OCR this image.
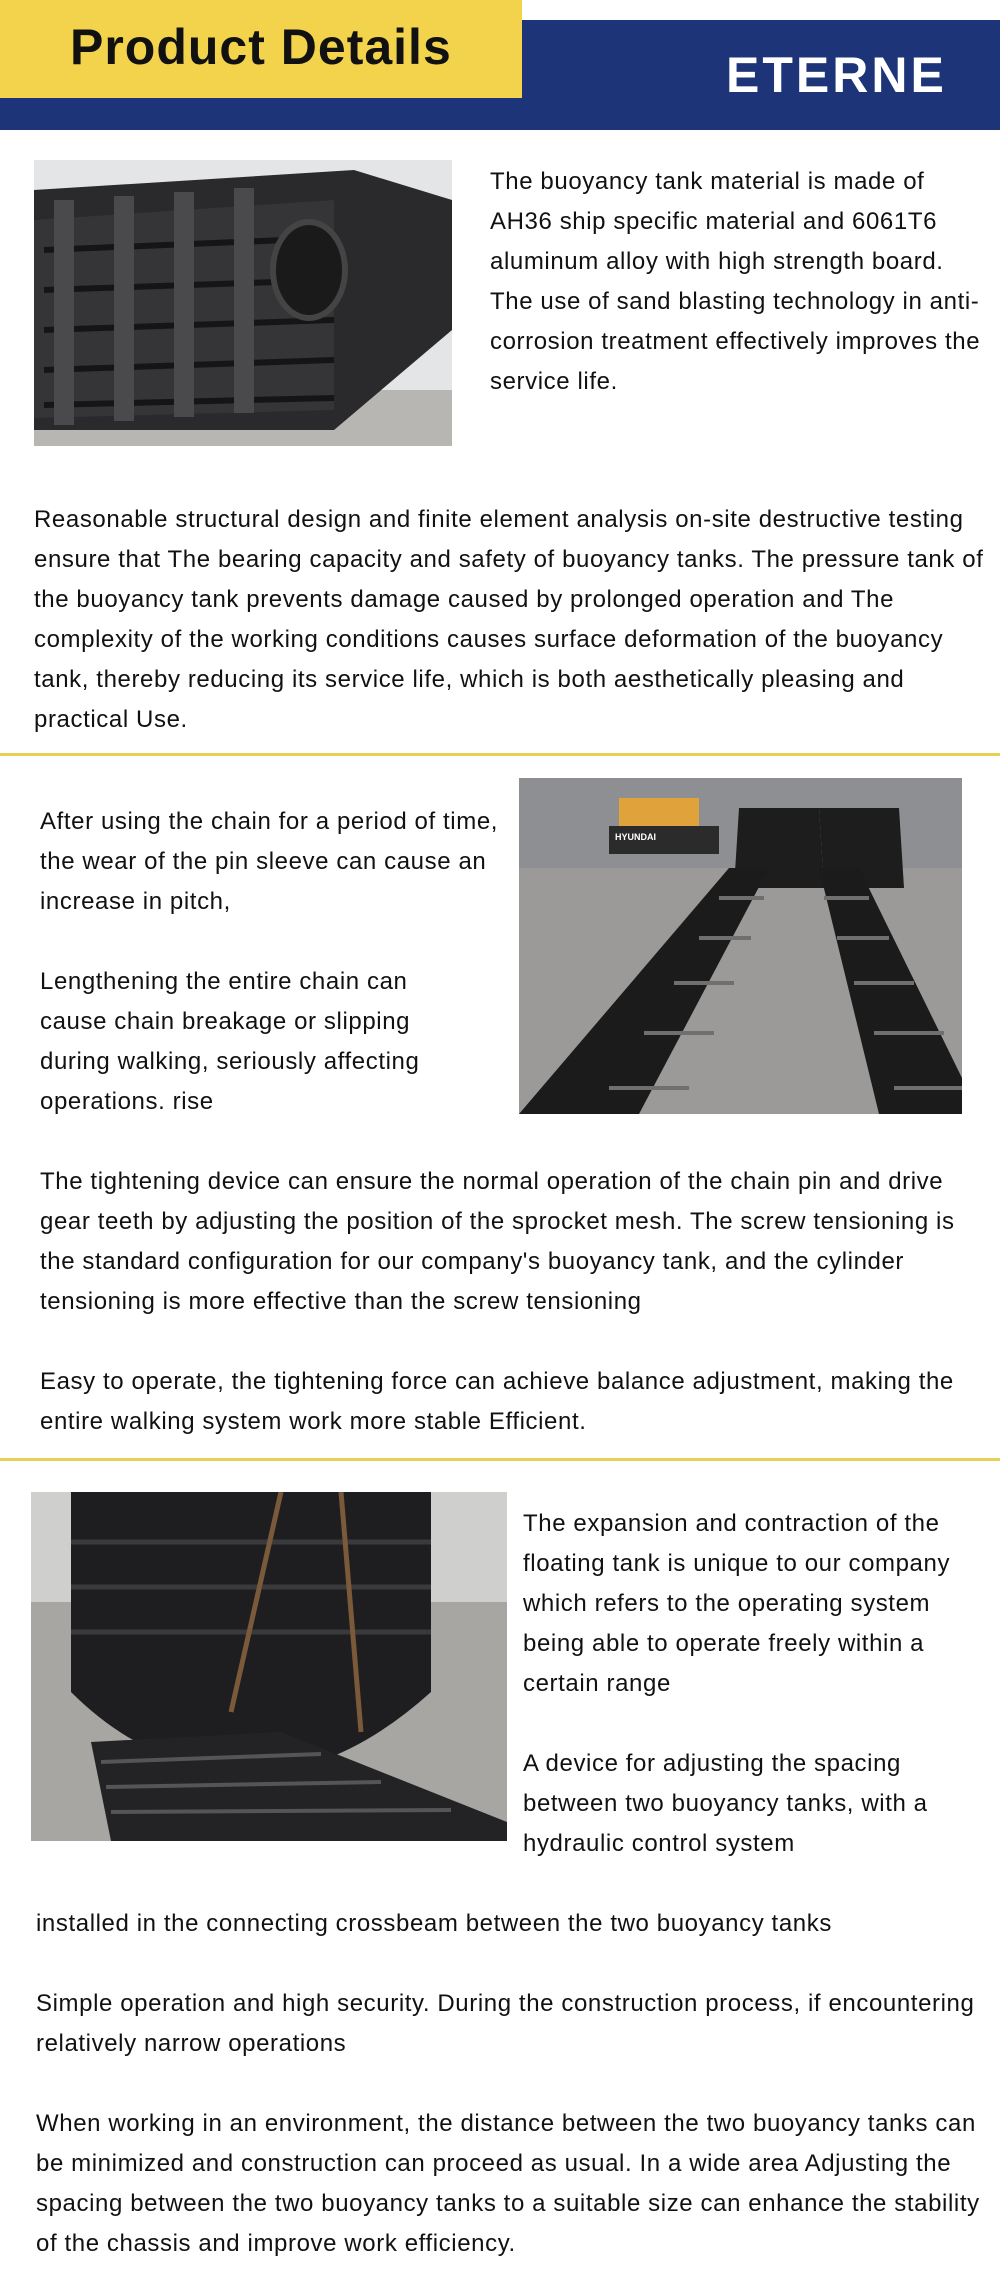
Product Details	ETERNE

The buoyancy tank material is made of AH36 ship specific material and 6061T6 aluminum alloy with high strength board. The use of sand blasting technology in anti-corrosion treatment effectively improves the service life.

Reasonable structural design and finite element analysis on-site destructive testing ensure that The bearing capacity and safety of buoyancy tanks. The pressure tank of the buoyancy tank prevents damage caused by prolonged operation and The complexity of the working conditions causes surface deformation of the buoyancy tank, thereby reducing its service life, which is both aesthetically pleasing and practical Use.

After using the chain for a period of time, the wear of the pin sleeve can cause an increase in pitch,

Lengthening the entire chain can cause chain breakage or slipping during walking, seriously affecting operations. rise

HYUNDAI

The tightening device can ensure the normal operation of the chain pin and drive gear teeth by adjusting the position of the sprocket mesh. The screw tensioning is the standard configuration for our company's buoyancy tank, and the cylinder tensioning is more effective than the screw tensioning

Easy to operate, the tightening force can achieve balance adjustment, making the entire walking system work more stable Efficient.

The expansion and contraction of the floating tank is unique to our company which refers to the operating system being able to operate freely within a certain range

A device for adjusting the spacing between two buoyancy tanks, with a hydraulic control system

installed in the connecting crossbeam between the two buoyancy tanks

Simple operation and high security. During the construction process, if encountering relatively narrow operations

When working in an environment, the distance between the two buoyancy tanks can be minimized and construction can proceed as usual. In a wide area Adjusting the spacing between the two buoyancy tanks to a suitable size can enhance the stability of the chassis and improve work efficiency.
